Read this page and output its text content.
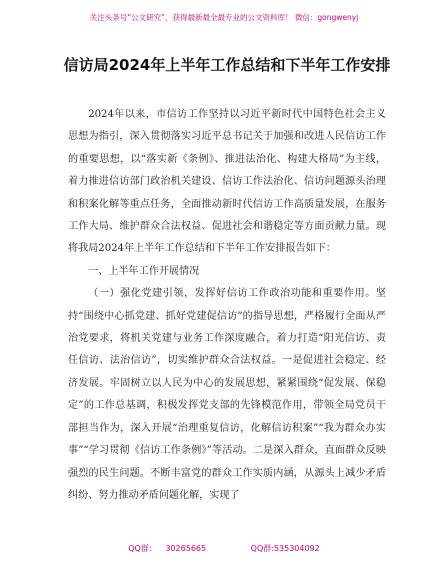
关注头条号“公文研究”，获得最新最全最专业的公文资料库！ 微信：gongwenyj
信访局2024年上半年工作总结和下半年工作安排

2024年以来，市信访工作坚持以习近平新时代中国特色社会主义思想为指引，深入贯彻落实习近平总书记关于加强和改进人民信访工作的重要思想，以“落实新《条例》、推进法治化、构建大格局”为主线，着力推进信访部门政治机关建设、信访工作法治化、信访问题源头治理和积案化解等重点任务，全面推动新时代信访工作高质量发展，在服务工作大局、维护群众合法权益、促进社会和谐稳定等方面贡献力量。现将我局2024年上半年工作总结和下半年工作安排报告如下：

一、上半年工作开展情况

（一）强化党建引领，发挥好信访工作政治功能和重要作用。坚持“围绕中心抓党建、抓好党建促信访”的指导思想，严格履行全面从严治党要求，将机关党建与业务工作深度融合，着力打造“阳光信访、责任信访、法治信访”，切实维护群众合法权益。一是促进社会稳定、经济发展。牢固树立以人民为中心的发展思想，紧紧围绕“促发展、保稳定”的工作总基调，积极发挥党支部的先锋模范作用，带领全局党员干部担当作为，深入开展“治理重复信访，化解信访积案”“我为群众办实事”“学习贯彻《信访工作条例》”等活动。二是深入群众，直面群众反映强烈的民生问题。不断丰富党的群众工作实质内涵，从源头上减少矛盾纠纷、努力推动矛盾问题化解，实现了

QQ群： 30265665	QQ群:535304092
